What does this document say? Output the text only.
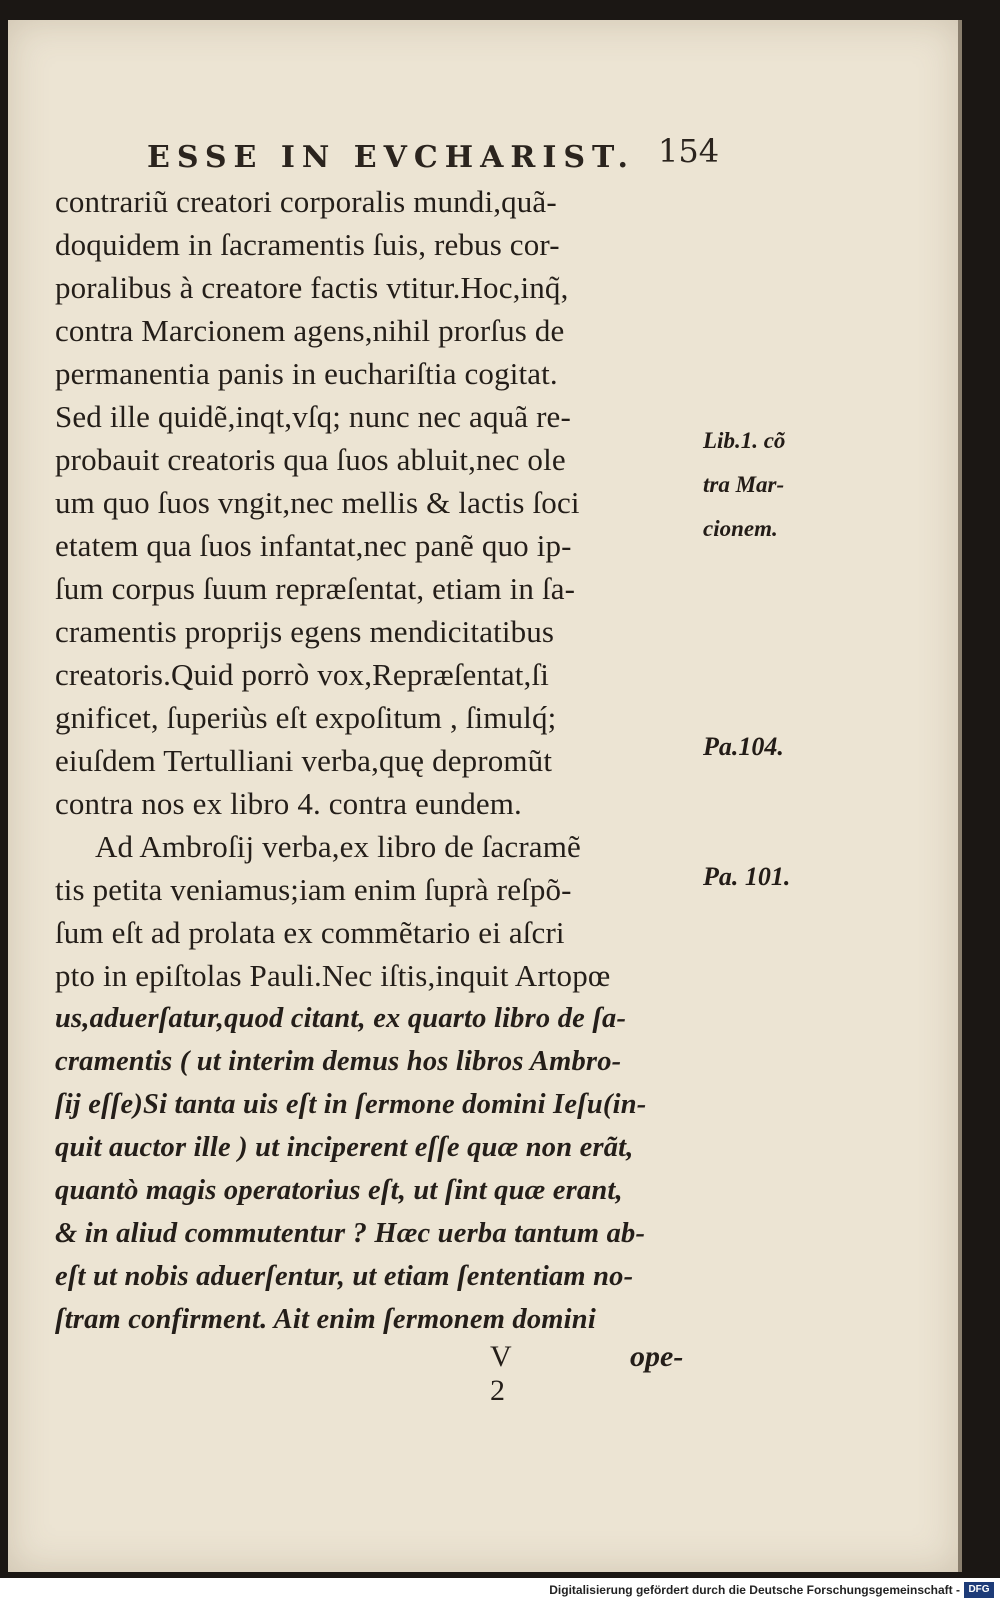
ESSE IN EVCHARIST. 154
contrariũ creatori corporalis mundi,quã-
doquidem in ſacramentis ſuis, rebus cor-
poralibus à creatore factis vtitur.Hoc,inq̃,
contra Marcionem agens,nihil prorſus de
permanentia panis in euchariſtia cogitat.
Sed ille quidẽ,inqt,vſq; nunc nec aquã re-
probauit creatoris qua ſuos abluit,nec ole
um quo ſuos vngit,nec mellis & lactis ſoci
etatem qua ſuos infantat,nec panẽ quo ip-
ſum corpus ſuum repræſentat, etiam in ſa-
cramentis proprijs egens mendicitatibus
creatoris.Quid porrò vox,Repræſentat,ſi
gnificet, ſuperiùs eſt expoſitum , ſimulq́;
eiuſdem Tertulliani verba,quę depromũt
contra nos ex libro 4. contra eundem.
Ad Ambroſij verba,ex libro de ſacramẽ
tis petita veniamus;iam enim ſuprà reſpõ-
ſum eſt ad prolata ex commẽtario ei aſcri
pto in epiſtolas Pauli.Nec iſtis,inquit Artopœ
us,aduerſatur,quod citant, ex quarto libro de ſa-
cramentis ( ut interim demus hos libros Ambro-
ſij eſſe)Si tanta uis eſt in ſermone domini Ieſu(in-
quit auctor ille ) ut inciperent eſſe quæ non erãt,
quantò magis operatorius eſt, ut ſint quæ erant,
& in aliud commutentur ? Hæc uerba tantum ab-
eſt ut nobis aduerſentur, ut etiam ſententiam no-
ſtram confirment. Ait enim ſermonem domini
Lib.1. cõ
tra Mar-
cionem.
Pa.104.
Pa. 101.
V 2
ope-
Digitalisierung gefördert durch die Deutsche Forschungsgemeinschaft - DFG
